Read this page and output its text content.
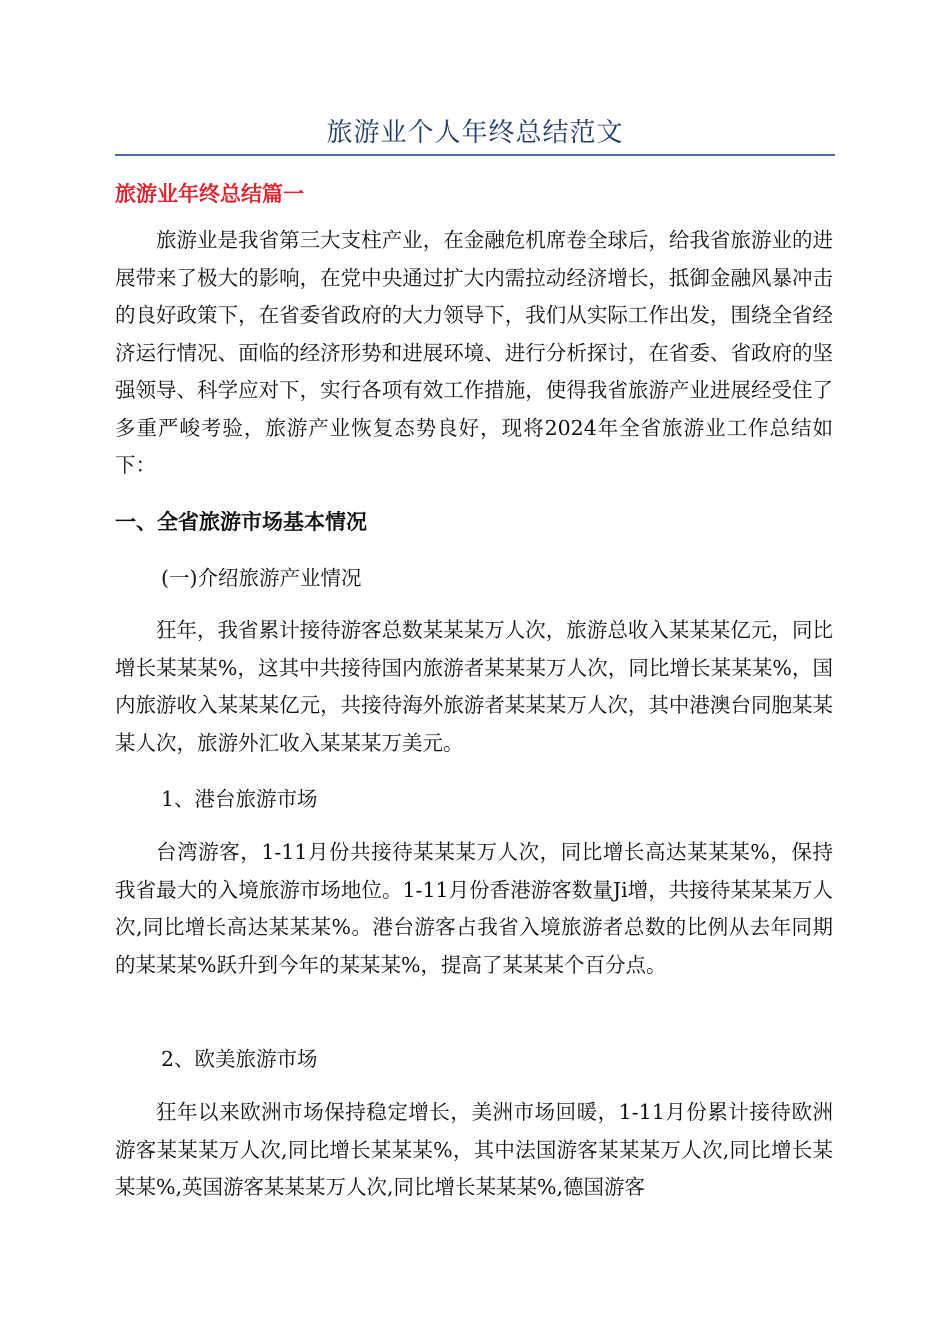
旅游业个人年终总结范文
旅游业年终总结篇一

旅游业是我省第三大支柱产业，在金融危机席卷全球后，给我省旅游业的进展带来了极大的影响，在党中央通过扩大内需拉动经济增长，抵御金融风暴冲击的良好政策下，在省委省政府的大力领导下，我们从实际工作出发，围绕全省经济运行情况、面临的经济形势和进展环境、进行分析探讨，在省委、省政府的坚强领导、科学应对下，实行各项有效工作措施，使得我省旅游产业进展经受住了多重严峻考验，旅游产业恢复态势良好，现将2024年全省旅游业工作总结如下：

一、全省旅游市场基本情况
(一)介绍旅游产业情况

狂年，我省累计接待游客总数某某某万人次，旅游总收入某某某亿元，同比增长某某某%，这其中共接待国内旅游者某某某万人次，同比增长某某某%，国内旅游收入某某某亿元，共接待海外旅游者某某某万人次，其中港澳台同胞某某某人次，旅游外汇收入某某某万美元。

1、港台旅游市场

台湾游客，1-11月份共接待某某某万人次，同比增长高达某某某%，保持我省最大的入境旅游市场地位。1-11月份香港游客数量Ji增，共接待某某某万人次,同比增长高达某某某%。港台游客占我省入境旅游者总数的比例从去年同期的某某某%跃升到今年的某某某%，提高了某某某个百分点。

2、欧美旅游市场

狂年以来欧洲市场保持稳定增长，美洲市场回暖，1-11月份累计接待欧洲游客某某某万人次,同比增长某某某%，其中法国游客某某某万人次,同比增长某某某%,英国游客某某某万人次,同比增长某某某%,德国游客
